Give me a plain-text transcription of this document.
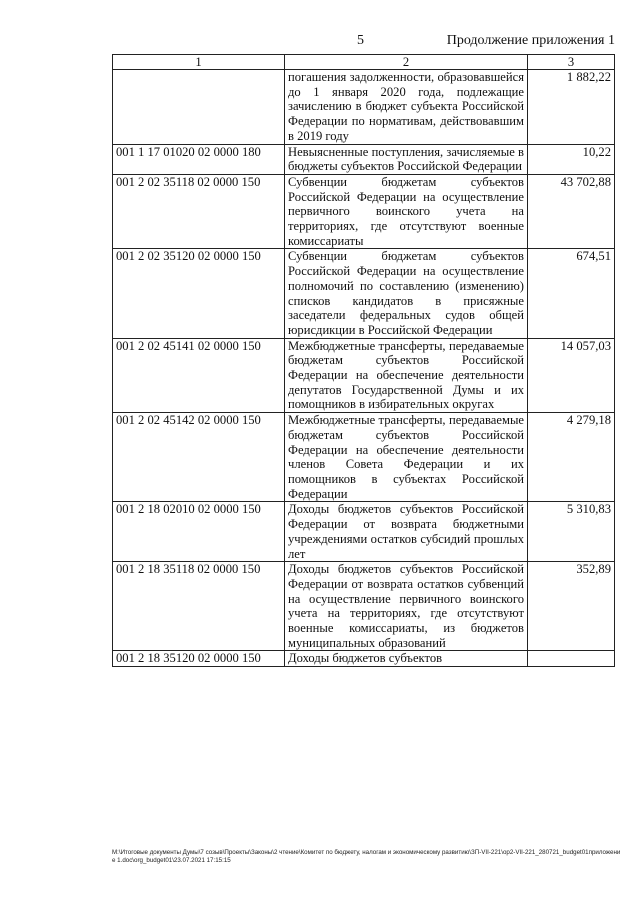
5	Продолжение приложения 1
1	2	3
	погашения задолженности, образовавшейся до 1 января 2020 года, подлежащие зачислению в бюджет субъекта Российской Федерации по нормативам, действовавшим в 2019 году	1 882,22
001 1 17 01020 02 0000 180	Невыясненные поступления, зачисляемые в бюджеты субъектов Российской Федерации	10,22
001 2 02 35118 02 0000 150	Субвенции бюджетам субъектов Российской Федерации на осуществление первичного воинского учета на территориях, где отсутствуют военные комиссариаты	43 702,88
001 2 02 35120 02 0000 150	Субвенции бюджетам субъектов Российской Федерации на осуществление полномочий по составлению (изменению) списков кандидатов в присяжные заседатели федеральных судов общей юрисдикции в Российской Федерации	674,51
001 2 02 45141 02 0000 150	Межбюджетные трансферты, передаваемые бюджетам субъектов Российской Федерации на обеспечение деятельности депутатов Государственной Думы и их помощников в избирательных округах	14 057,03
001 2 02 45142 02 0000 150	Межбюджетные трансферты, передаваемые бюджетам субъектов Российской Федерации на обеспечение деятельности членов Совета Федерации и их помощников в субъектах Российской Федерации	4 279,18
001 2 18 02010 02 0000 150	Доходы бюджетов субъектов Российской Федерации от возврата бюджетными учреждениями остатков субсидий прошлых лет	5 310,83
001 2 18 35118 02 0000 150	Доходы бюджетов субъектов Российской Федерации от возврата остатков субвенций на осуществление первичного воинского учета на территориях, где отсутствуют военные комиссариаты, из бюджетов муниципальных образований	352,89
001 2 18 35120 02 0000 150	Доходы бюджетов субъектов	
M:\Итоговые документы Думы\7 созыв\Проекты\Законы\2 чтение\Комитет по бюджету, налогам и экономическому развитию\ЗП-VII-221\op2-VII-221_280721_budget01приложение 1.doc\org_budget01\23.07.2021 17:15:15
